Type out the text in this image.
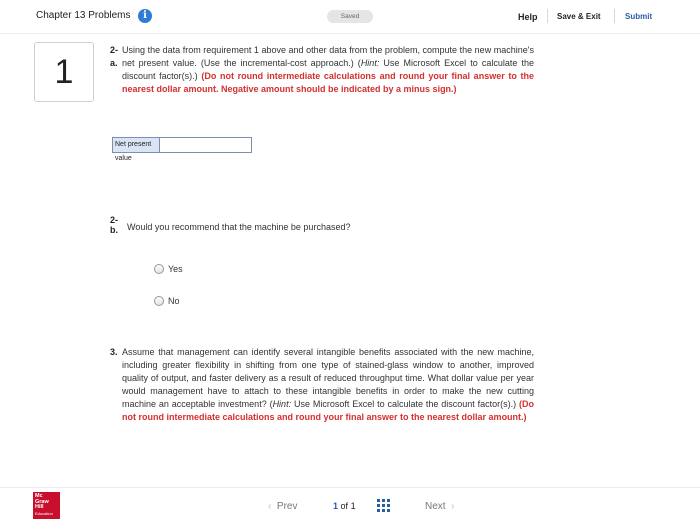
Chapter 13 Problems	i	Saved	Help Save & Exit	Submit
1
2-
a.
Using the data from requirement 1 above and other data from the problem, compute the new machine's net present value. (Use the incremental-cost approach.) (Hint: Use Microsoft Excel to calculate the discount factor(s).) (Do not round intermediate calculations and round your final answer to the nearest dollar amount. Negative amount should be indicated by a minus sign.)
Net present value
2-
b. Would you recommend that the machine be purchased?
Yes
No
3. Assume that management can identify several intangible benefits associated with the new machine, including greater flexibility in shifting from one type of stained-glass window to another, improved quality of output, and faster delivery as a result of reduced throughput time. What dollar value per year would management have to attach to these intangible benefits in order to make the new cutting machine an acceptable investment? (Hint: Use Microsoft Excel to calculate the discount factor(s).) (Do not round intermediate calculations and round your final answer to the nearest dollar amount.)
Mc
Graw
Hill
Education
‹ Prev	1 of 1	Next ›
